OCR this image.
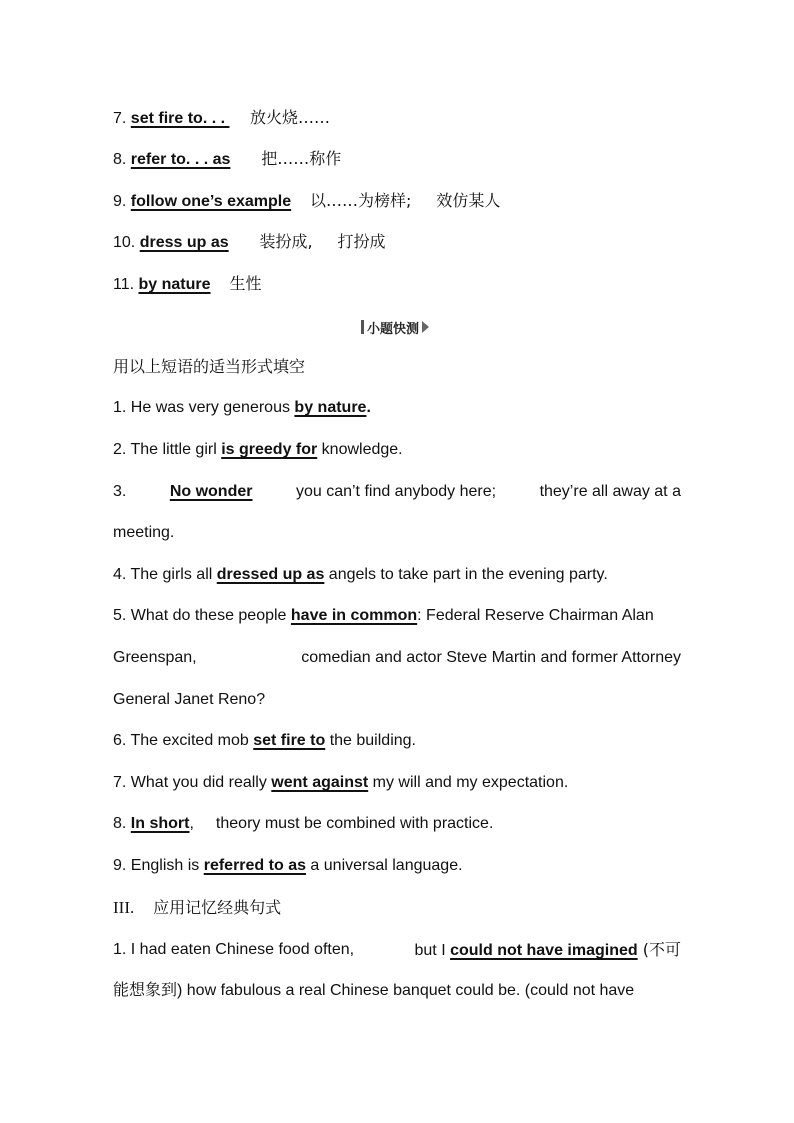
7. set fire to. . .  放火烧……
8. refer to. . . as 把……称作
9. follow one’s example 以……为榜样; 效仿某人
10. dress up as 装扮成, 打扮成
11. by nature 生性
小题快测
用以上短语的适当形式填空
1. He was very generous by nature.
2. The little girl is greedy for knowledge.
3.	No wonder	you can’t find anybody here;	they’re all away at a
meeting.
4. The girls all dressed up as angels to take part in the evening party.
5. What do these people have in common: Federal Reserve Chairman Alan
Greenspan,	comedian and actor Steve Martin and former Attorney
General Janet Reno?
6. The excited mob set fire to the building.
7. What you did really went against my will and my expectation.
8. In short, theory must be combined with practice.
9. English is referred to as a universal language.
III. 应用记忆经典句式
1. I had eaten Chinese food often,	but I could not have imagined (不可
能想象到) how fabulous a real Chinese banquet could be. (could not have
